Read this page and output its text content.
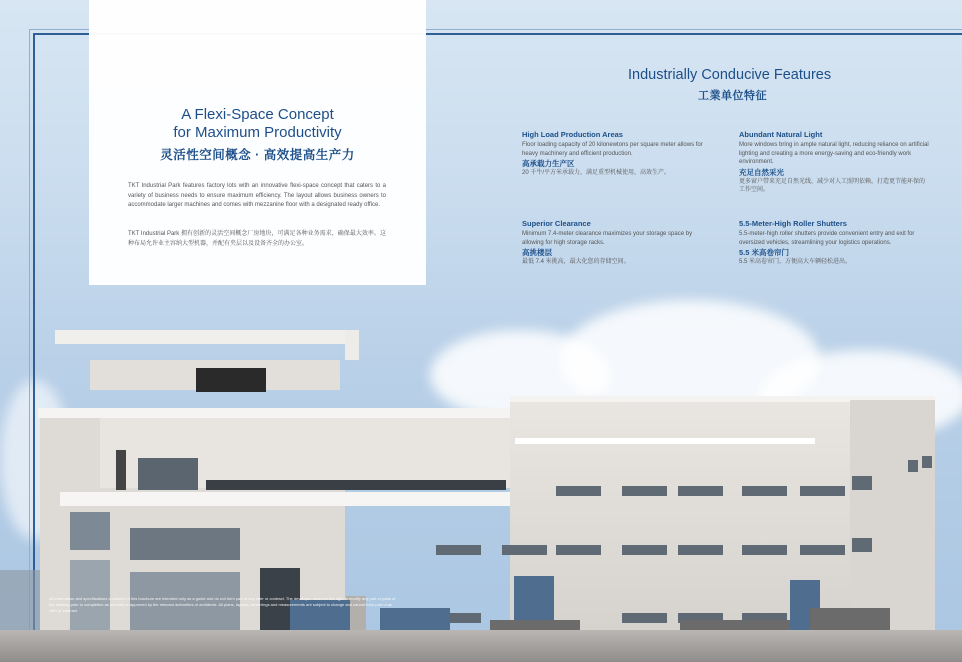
A Flexi-Space Concept
for Maximum Productivity
灵活性空间概念 · 高效提高生产力

TKT Industrial Park features factory lots with an innovative flexi-space concept that caters to a variety of business needs to ensure maximum efficiency. The layout allows business owners to accommodate larger machines and comes with mezzanine floor with a designated ready office.

TKT Industrial Park 拥有创新的灵活空间概念厂房地块，可满足各种业务需求，确保最大效率。这种布局允许业主容纳大型机器，并配有夹层以及设备齐全的办公室。

Industrially Conducive Features
工業单位特征
High Load Production Areas
Floor loading capacity of 20 kilonewtons per square meter allows for heavy machinery and efficient production.
高承载力生产区
20 千牛/平方米承载力，满足重型机械使用，高效生产。
Abundant Natural Light
More windows bring in ample natural light, reducing reliance on artificial lighting and creating a more energy-saving and eco-friendly work environment.
充足自然采光
更多窗户带来充足自然光线，减少对人工照明依赖，打造更节能环保的工作空间。
Superior Clearance
Minimum 7.4-meter clearance maximizes your storage space by allowing for high storage racks.
高挑楼层
最低 7.4 米挑高，最大化您的存储空间。
5.5-Meter-High Roller Shutters
5.5-meter-high roller shutters provide convenient entry and exit for oversized vehicles, streamlining your logistics operations.
5.5 米高卷帘门
5.5 米高卷帘门，方便高大车辆轻松进出。

All information and specifications contained in this brochure are intended only as a guide and do not form part of any offer or contract. The developer reserves the right to modify any part or parts of the building prior to completion as directed or approved by the relevant authorities or architects. All plans, layouts, renderings and measurements are subject to change and cannot form part of an offer or contract.
